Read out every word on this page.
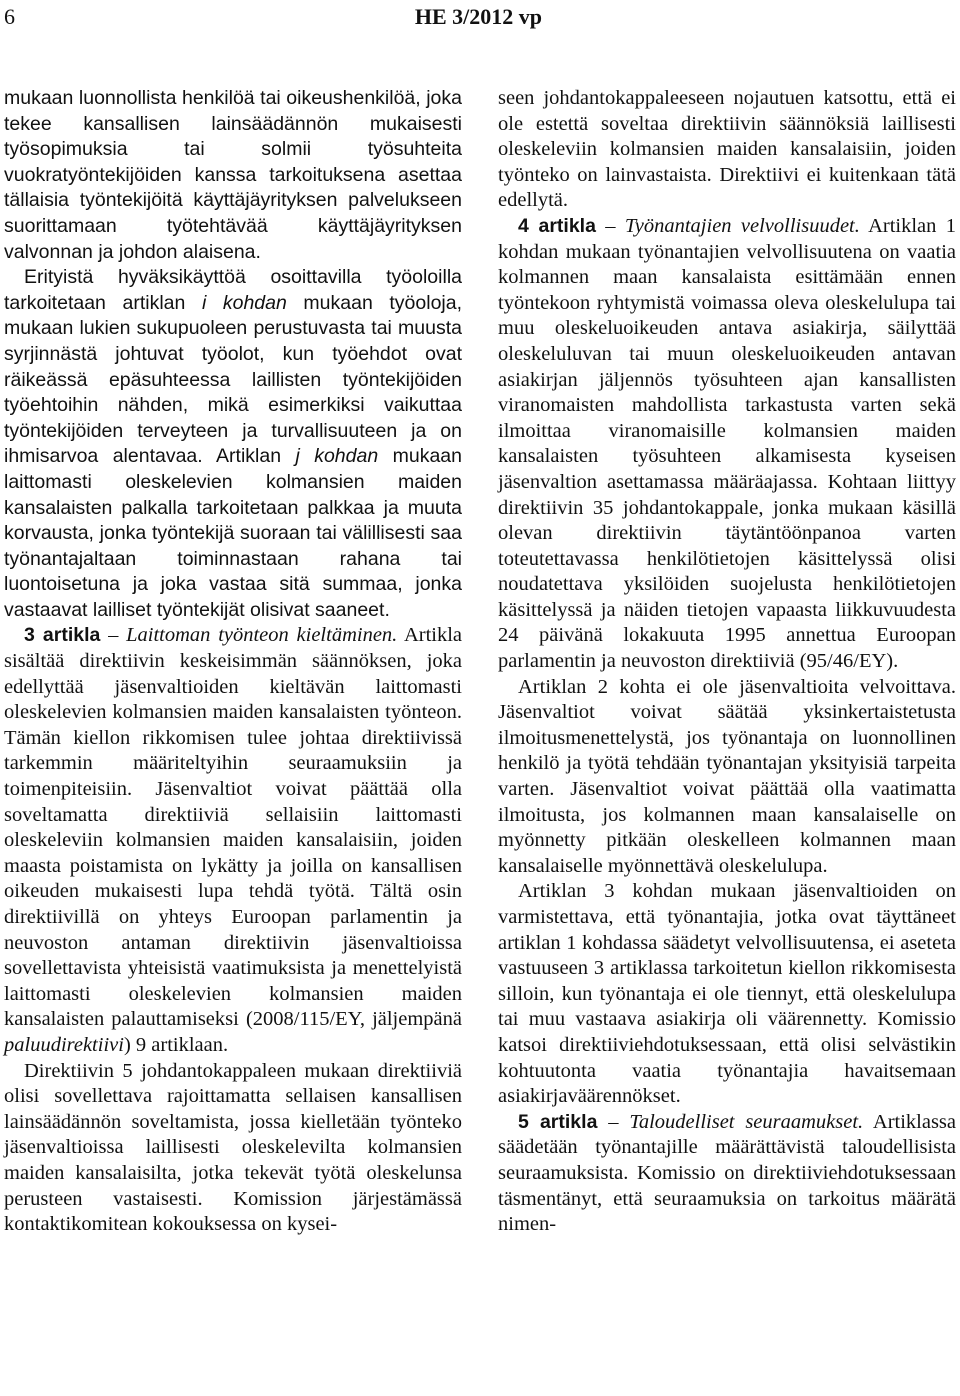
6	HE 3/2012 vp

mukaan luonnollista henkilöä tai oikeushenkilöä, joka tekee kansallisen lainsäädännön mukaisesti työsopimuksia tai solmii työsuhteita vuokratyöntekijöiden kanssa tarkoituksena asettaa tällaisia työntekijöitä käyttäjäyrityksen palvelukseen suorittamaan työtehtävää käyttäjäyrityksen valvonnan ja johdon alaisena.

Erityistä hyväksikäyttöä osoittavilla työoloilla tarkoitetaan artiklan i kohdan mukaan työoloja, mukaan lukien sukupuoleen perustuvasta tai muusta syrjinnästä johtuvat työolot, kun työehdot ovat räikeässä epäsuhteessa laillisten työntekijöiden työehtoihin nähden, mikä esimerkiksi vaikuttaa työntekijöiden terveyteen ja turvallisuuteen ja on ihmisarvoa alentavaa. Artiklan j kohdan mukaan laittomasti oleskelevien kolmansien maiden kansalaisten palkalla tarkoitetaan palkkaa ja muuta korvausta, jonka työntekijä suoraan tai välillisesti saa työnantajaltaan toiminnastaan rahana tai luontoisetuna ja joka vastaa sitä summaa, jonka vastaavat lailliset työntekijät olisivat saaneet.

3 artikla – Laittoman työnteon kieltäminen. Artikla sisältää direktiivin keskeisimmän säännöksen, joka edellyttää jäsenvaltioiden kieltävän laittomasti oleskelevien kolmansien maiden kansalaisten työnteon. Tämän kiellon rikkomisen tulee johtaa direktiivissä tarkemmin määriteltyihin seuraamuksiin ja toimenpiteisiin. Jäsenvaltiot voivat päättää olla soveltamatta direktiiviä sellaisiin laittomasti oleskeleviin kolmansien maiden kansalaisiin, joiden maasta poistamista on lykätty ja joilla on kansallisen oikeuden mukaisesti lupa tehdä työtä. Tältä osin direktiivillä on yhteys Euroopan parlamentin ja neuvoston antaman direktiivin jäsenvaltioissa sovellettavista yhteisistä vaatimuksista ja menettelyistä laittomasti oleskelevien kolmansien maiden kansalaisten palauttamiseksi (2008/115/EY, jäljempänä paluudirektiivi) 9 artiklaan.

Direktiivin 5 johdantokappaleen mukaan direktiiviä olisi sovellettava rajoittamatta sellaisen kansallisen lainsäädännön soveltamista, jossa kielletään työnteko jäsenvaltioissa laillisesti oleskelevilta kolmansien maiden kansalaisilta, jotka tekevät työtä oleskelunsa perusteen vastaisesti. Komission järjestämässä kontaktikomitean kokouksessa on kysei-

seen johdantokappaleeseen nojautuen katsottu, että ei ole estettä soveltaa direktiivin säännöksiä laillisesti oleskeleviin kolmansien maiden kansalaisiin, joiden työnteko on lainvastaista. Direktiivi ei kuitenkaan tätä edellytä.

4 artikla – Työnantajien velvollisuudet. Artiklan 1 kohdan mukaan työnantajien velvollisuutena on vaatia kolmannen maan kansalaista esittämään ennen työntekoon ryhtymistä voimassa oleva oleskelulupa tai muu oleskeluoikeuden antava asiakirja, säilyttää oleskeluluvan tai muun oleskeluoikeuden antavan asiakirjan jäljennös työsuhteen ajan kansallisten viranomaisten mahdollista tarkastusta varten sekä ilmoittaa viranomaisille kolmansien maiden kansalaisten työsuhteen alkamisesta kyseisen jäsenvaltion asettamassa määräajassa. Kohtaan liittyy direktiivin 35 johdantokappale, jonka mukaan käsillä olevan direktiivin täytäntöönpanoa varten toteutettavassa henkilötietojen käsittelyssä olisi noudatettava yksilöiden suojelusta henkilötietojen käsittelyssä ja näiden tietojen vapaasta liikkuvuudesta 24 päivänä lokakuuta 1995 annettua Euroopan parlamentin ja neuvoston direktiiviä (95/46/EY).

Artiklan 2 kohta ei ole jäsenvaltioita velvoittava. Jäsenvaltiot voivat säätää yksinkertaistetusta ilmoitusmenettelystä, jos työnantaja on luonnollinen henkilö ja työtä tehdään työnantajan yksityisiä tarpeita varten. Jäsenvaltiot voivat päättää olla vaatimatta ilmoitusta, jos kolmannen maan kansalaiselle on myönnetty pitkään oleskelleen kolmannen maan kansalaiselle myönnettävä oleskelulupa.

Artiklan 3 kohdan mukaan jäsenvaltioiden on varmistettava, että työnantajia, jotka ovat täyttäneet artiklan 1 kohdassa säädetyt velvollisuutensa, ei aseteta vastuuseen 3 artiklassa tarkoitetun kiellon rikkomisesta silloin, kun työnantaja ei ole tiennyt, että oleskelulupa tai muu vastaava asiakirja oli väärennetty. Komissio katsoi direktiiviehdotuksessaan, että olisi selvästikin kohtuutonta vaatia työnantajia havaitsemaan asiakirjaväärennökset.

5 artikla – Taloudelliset seuraamukset. Artiklassa säädetään työnantajille määrättävistä taloudellisista seuraamuksista. Komissio on direktiiviehdotuksessaan täsmentänyt, että seuraamuksia on tarkoitus määrätä nimen-
